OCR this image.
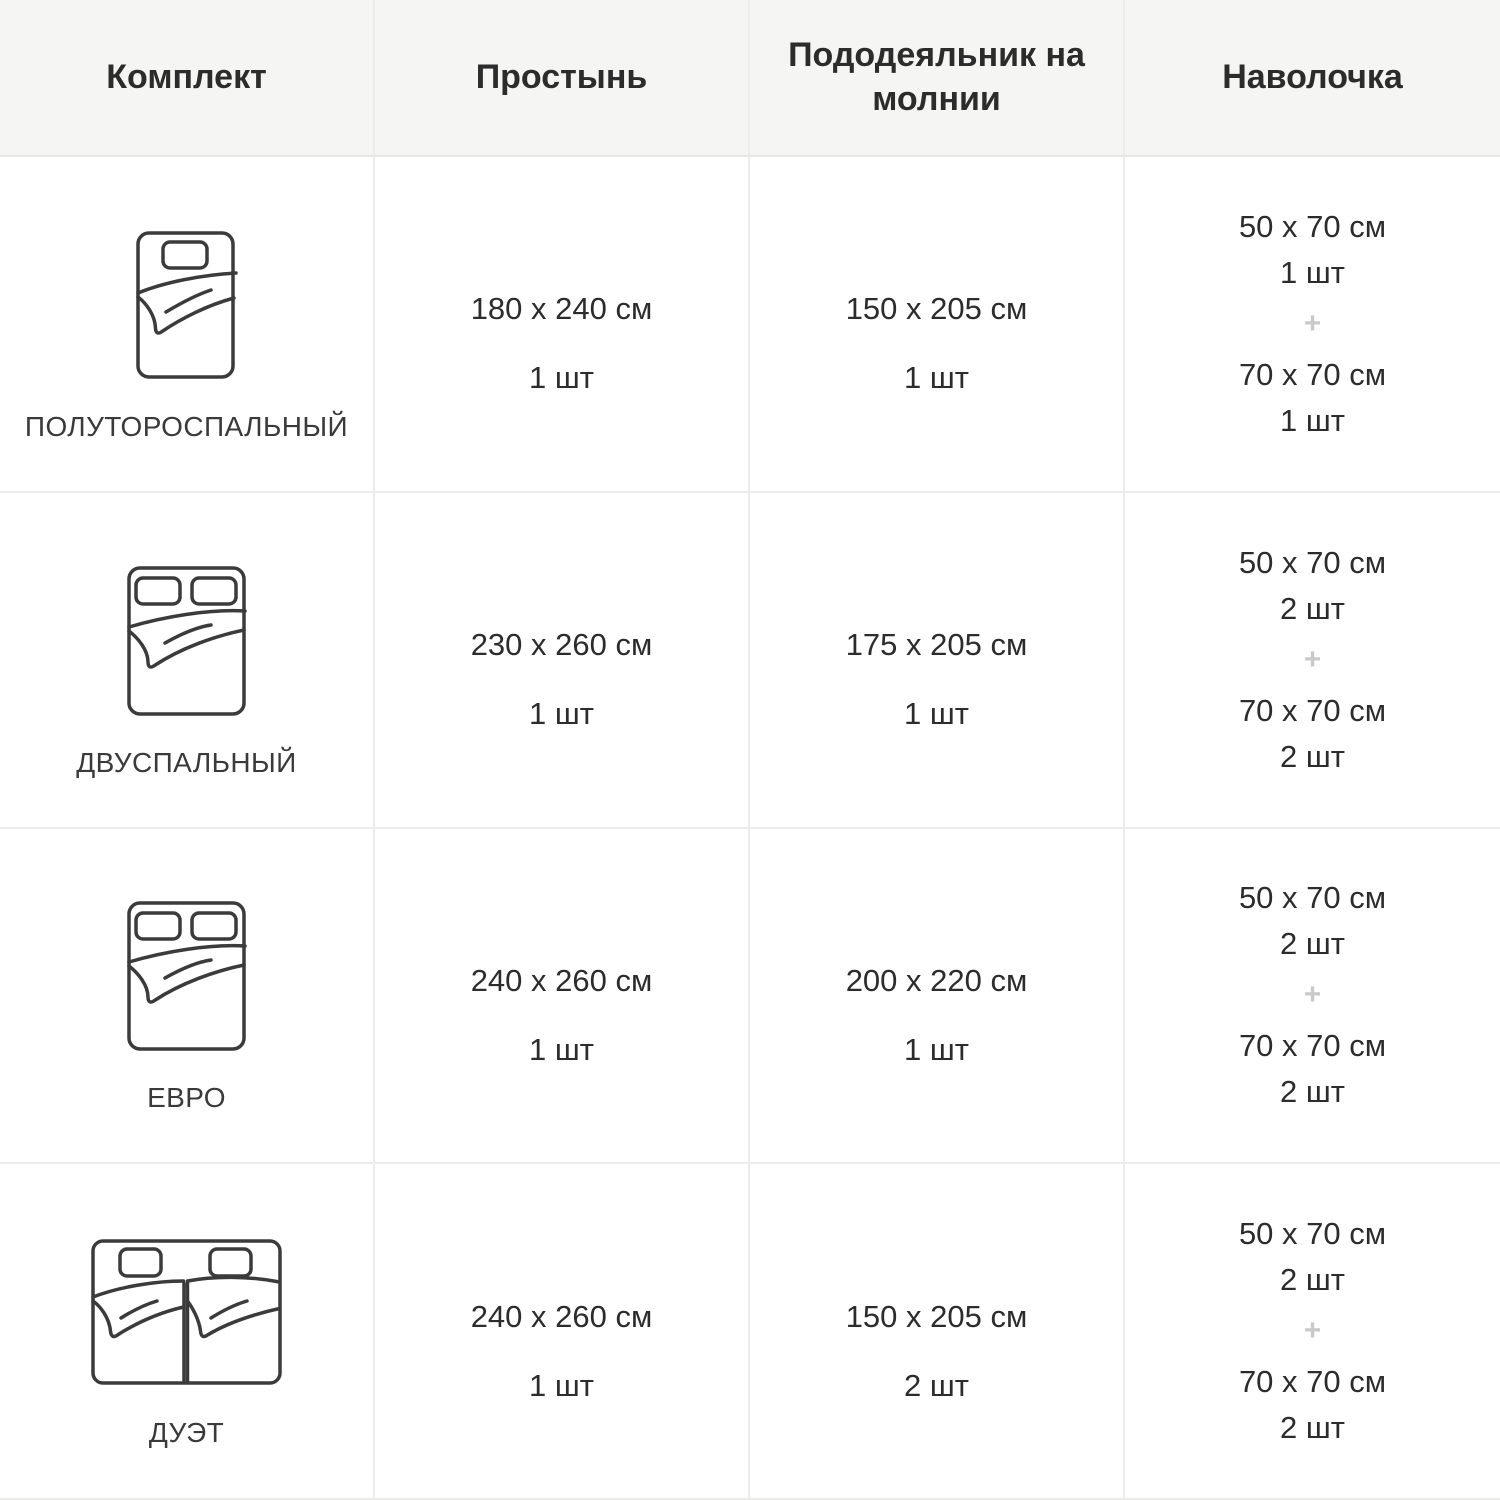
Комплект	Простынь
Пододеяльник на молнии
Наволочка
ПОЛУТОРОСПАЛЬНЫЙ
180 x 240 см
1 шт
150 x 205 см
1 шт
50 x 70 см
1 шт
+
70 x 70 см
1 шт
ДВУСПАЛЬНЫЙ
230 x 260 см
1 шт
175 x 205 см
1 шт
50 x 70 см
2 шт
+
70 x 70 см
2 шт
ЕВРО
240 x 260 см
1 шт
200 x 220 см
1 шт
50 x 70 см
2 шт
+
70 x 70 см
2 шт
ДУЭТ
240 x 260 см
1 шт
150 x 205 см
2 шт
50 x 70 см
2 шт
+
70 x 70 см
2 шт
